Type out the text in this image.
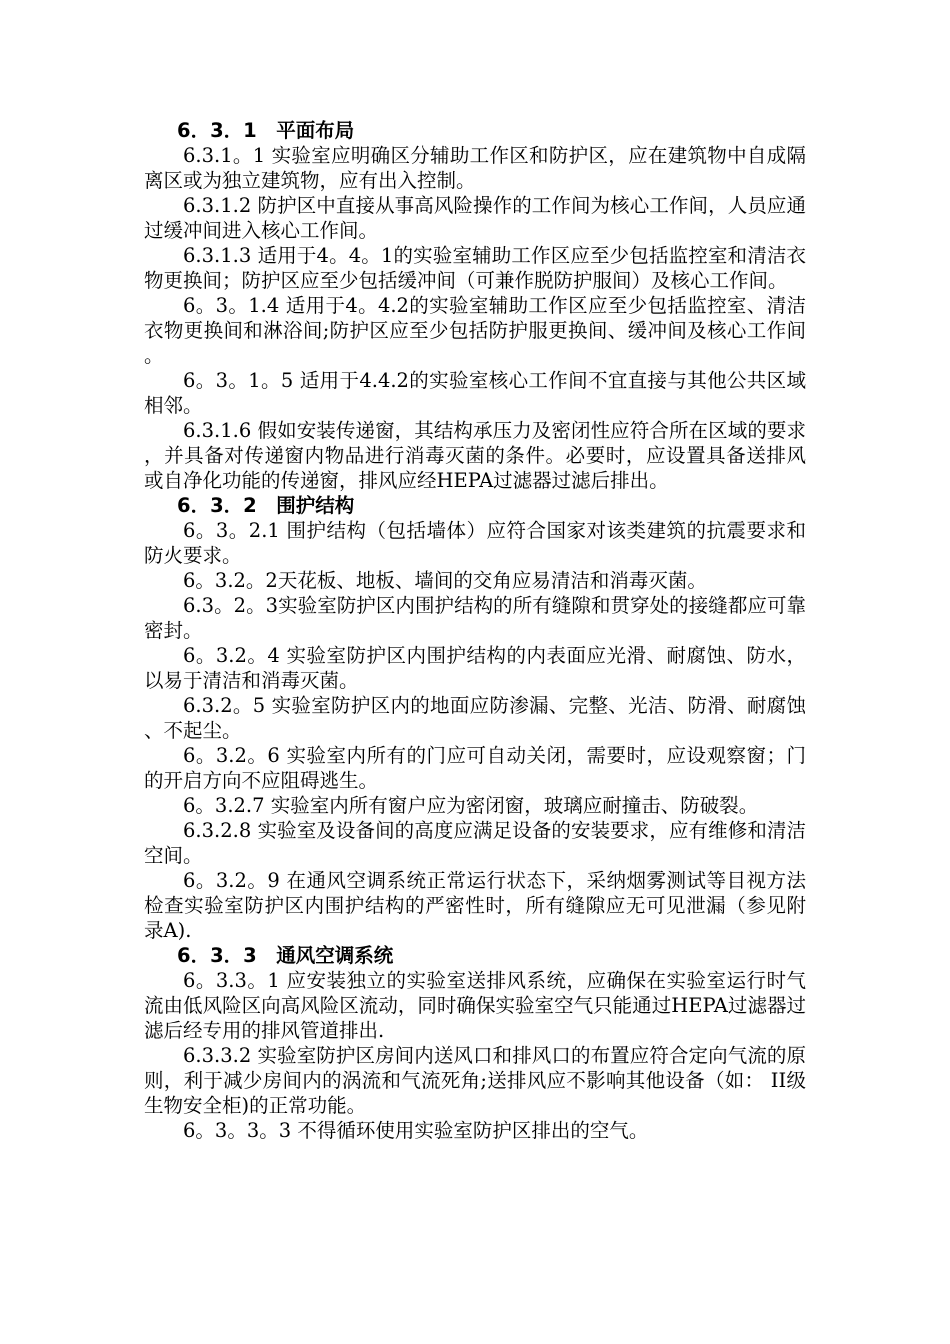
6．3．1　平面布局

6.3.1。1 实验室应明确区分辅助工作区和防护区，应在建筑物中自成隔离区或为独立建筑物，应有出入控制。

6.3.1.2 防护区中直接从事高风险操作的工作间为核心工作间，人员应通过缓冲间进入核心工作间。

6.3.1.3 适用于4。4。1的实验室辅助工作区应至少包括监控室和清洁衣物更换间；防护区应至少包括缓冲间（可兼作脱防护服间）及核心工作间。

6。3。1.4 适用于4。4.2的实验室辅助工作区应至少包括监控室、清洁衣物更换间和淋浴间;防护区应至少包括防护服更换间、缓冲间及核心工作间。

6。3。1。5 适用于4.4.2的实验室核心工作间不宜直接与其他公共区域相邻。

6.3.1.6 假如安装传递窗，其结构承压力及密闭性应符合所在区域的要求，并具备对传递窗内物品进行消毒灭菌的条件。必要时，应设置具备送排风或自净化功能的传递窗，排风应经HEPA过滤器过滤后排出。

6．3．2　围护结构

6。3。2.1 围护结构（包括墙体）应符合国家对该类建筑的抗震要求和防火要求。

6。3.2。2天花板、地板、墙间的交角应易清洁和消毒灭菌。

6.3。2。3实验室防护区内围护结构的所有缝隙和贯穿处的接缝都应可靠密封。

6。3.2。4 实验室防护区内围护结构的内表面应光滑、耐腐蚀、防水，以易于清洁和消毒灭菌。

6.3.2。5 实验室防护区内的地面应防渗漏、完整、光洁、防滑、耐腐蚀、不起尘。

6。3.2。6 实验室内所有的门应可自动关闭，需要时，应设观察窗；门的开启方向不应阻碍逃生。

6。3.2.7 实验室内所有窗户应为密闭窗，玻璃应耐撞击、防破裂。

6.3.2.8 实验室及设备间的高度应满足设备的安装要求，应有维修和清洁空间。

6。3.2。9 在通风空调系统正常运行状态下，采纳烟雾测试等目视方法检查实验室防护区内围护结构的严密性时，所有缝隙应无可见泄漏（参见附录A).

6．3．3　通风空调系统

6。3.3。1 应安装独立的实验室送排风系统，应确保在实验室运行时气流由低风险区向高风险区流动，同时确保实验室空气只能通过HEPA过滤器过滤后经专用的排风管道排出.

6.3.3.2 实验室防护区房间内送风口和排风口的布置应符合定向气流的原则，利于减少房间内的涡流和气流死角;送排风应不影响其他设备（如： II级生物安全柜)的正常功能。

6。3。3。3 不得循环使用实验室防护区排出的空气。
